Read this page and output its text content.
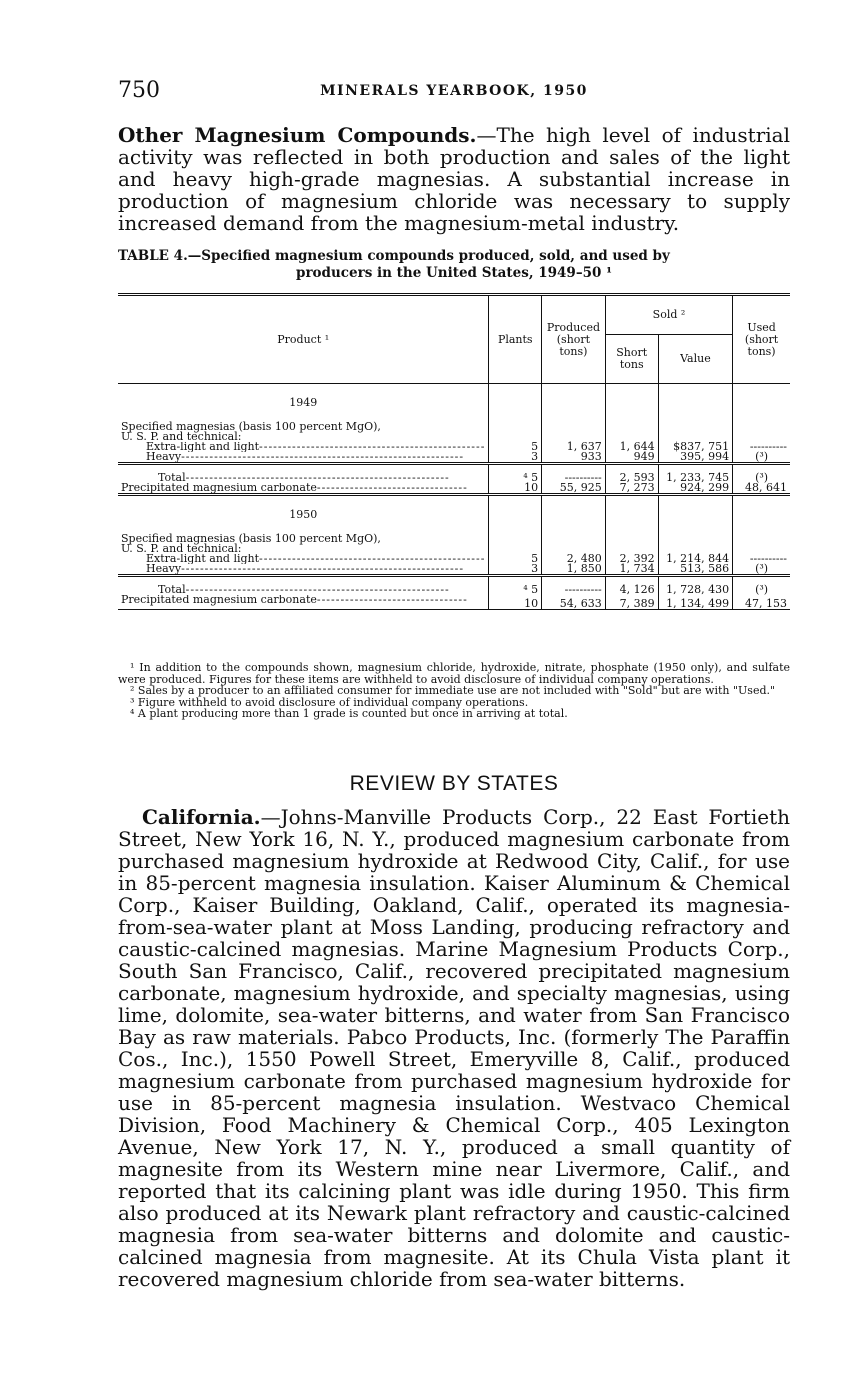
750	MINERALS YEARBOOK, 1950
Other Magnesium Compounds.—The high level of industrial activity was reflected in both production and sales of the light and heavy high-grade magnesias. A substantial increase in production of magnesium chloride was necessary to supply increased demand from the magnesium-metal industry.
TABLE 4.—Specified magnesium compounds produced, sold, and used by
producers in the United States, 1949–50 ¹
Product ¹	Plants	Produced (short tons)	Sold ²		Used (short tons)
			Short tons	Value	
1949					
Specified magnesias (basis 100 percent MgO),					
U. S. P. and technical:					
Extra-light and light------------------------------------------------	5	1, 637	1, 644	$837, 751	----------
Heavy------------------------------------------------------------	3	933	949	395, 994	(³)
Total--------------------------------------------------------	⁴ 5	----------	2, 593	1, 233, 745	(³)
Precipitated magnesium carbonate--------------------------------	10	55, 925	7, 273	924, 299	48, 641
1950					
Specified magnesias (basis 100 percent MgO),					
U. S. P. and technical:					
Extra-light and light------------------------------------------------	5	2, 480	2, 392	1, 214, 844	----------
Heavy------------------------------------------------------------	3	1, 850	1, 734	513, 586	(³)
Total--------------------------------------------------------	⁴ 5	----------	4, 126	1, 728, 430	(³)
Precipitated magnesium carbonate--------------------------------	10	54, 633	7, 389	1, 134, 499	47, 153

¹ In addition to the compounds shown, magnesium chloride, hydroxide, nitrate, phosphate (1950 only), and sulfate were produced. Figures for these items are withheld to avoid disclosure of individual company operations.

² Sales by a producer to an affiliated consumer for immediate use are not included with "Sold" but are with "Used."

³ Figure withheld to avoid disclosure of individual company operations.

⁴ A plant producing more than 1 grade is counted but once in arriving at total.

REVIEW BY STATES
California.—Johns-Manville Products Corp., 22 East Fortieth Street, New York 16, N. Y., produced magnesium carbonate from purchased magnesium hydroxide at Redwood City, Calif., for use in 85-percent magnesia insulation. Kaiser Aluminum & Chemical Corp., Kaiser Building, Oakland, Calif., operated its magnesia-from-sea-water plant at Moss Landing, producing refractory and caustic-calcined magnesias. Marine Magnesium Products Corp., South San Francisco, Calif., recovered precipitated magnesium carbonate, magnesium hydroxide, and specialty magnesias, using lime, dolomite, sea-water bitterns, and water from San Francisco Bay as raw materials. Pabco Products, Inc. (formerly The Paraffin Cos., Inc.), 1550 Powell Street, Emeryville 8, Calif., produced magnesium carbonate from purchased magnesium hydroxide for use in 85-percent magnesia insulation. Westvaco Chemical Division, Food Machinery & Chemical Corp., 405 Lexington Avenue, New York 17, N. Y., produced a small quantity of magnesite from its Western mine near Livermore, Calif., and reported that its calcining plant was idle during 1950. This firm also produced at its Newark plant refractory and caustic-calcined magnesia from sea-water bitterns and dolomite and caustic-calcined magnesia from magnesite. At its Chula Vista plant it recovered magnesium chloride from sea-water bitterns.
